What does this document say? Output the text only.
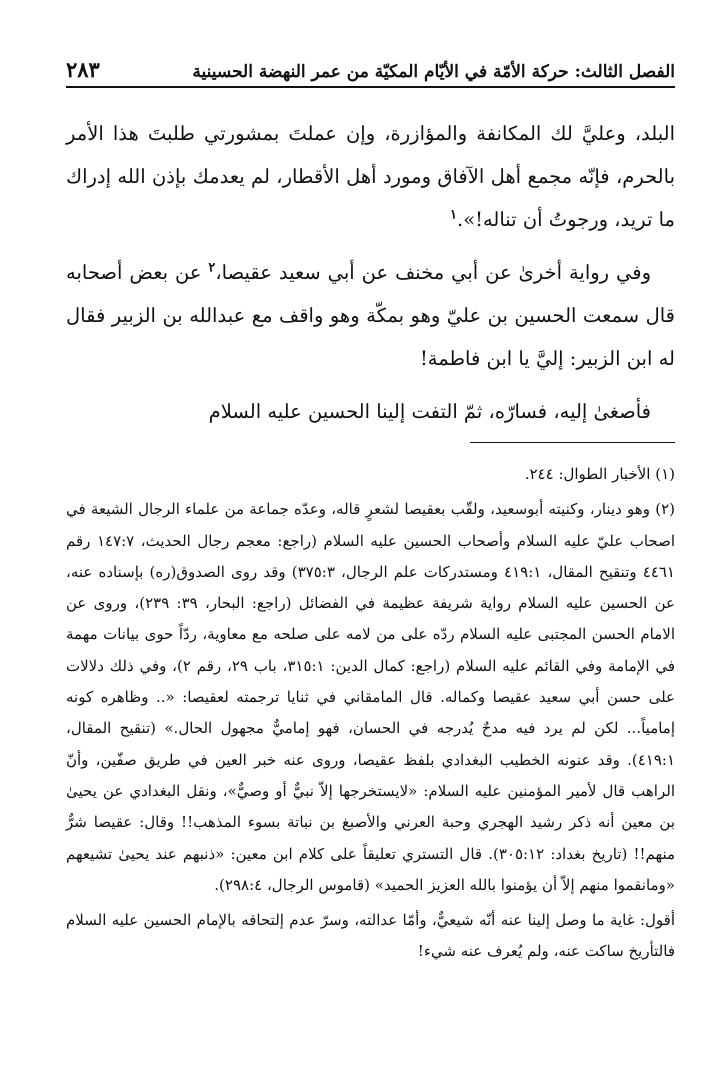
الفصل الثالث: حركة الأمّة في الأيّام المكيّة من عمر النهضة الحسينية
٢٨٣

البلد، وعليَّ لك المكانفة والمؤازرة، وإن عملتَ بمشورتي طلبتَ هذا الأمر بالحرم، فإنّه مجمع أهل الآفاق ومورد أهل الأقطار، لم يعدمك بإذن الله إدراك ما تريد، ورجوتُ أن تناله!».$^١$

وفي رواية أخرىٰ عن أبي مخنف عن أبي سعيد عقيصا،$^٢$ عن بعض أصحابه قال سمعت الحسين بن عليّ وهو بمكّة وهو واقف مع عبدالله بن الزبير فقال له ابن الزبير: إليَّ يا ابن فاطمة!

فأصغىٰ إليه، فسارّه، ثمّ التفت إلينا الحسين عليه السلام

(١) الأخبار الطوال: ٢٤٤.

(٢) وهو دينار، وكنيته أبوسعيد، ولقّب بعقيصا لشعرٍ قاله، وعدّه جماعة من علماء الرجال الشيعة في اصحاب عليّ عليه السلام وأصحاب الحسين عليه السلام (راجع: معجم رجال الحديث، ١٤٧:٧ رقم ٤٤٦١ وتنقيح المقال، ٤١٩:١ ومستدركات علم الرجال، ٣٧٥:٣) وقد روى الصدوق(ره) بإسناده عنه، عن الحسين عليه السلام رواية شريفة عظيمة في الفضائل (راجع: البحار، ٣٩: ٢٣٩)، وروى عن الامام الحسن المجتبى عليه السلام ردّه على من لامه على صلحه مع معاوية، ردّاً حوى بيانات مهمة في الإمامة وفي القائم عليه السلام (راجع: كمال الدين: ٣١٥:١، باب ٢٩، رقم ٢)، وفي ذلك دلالات على حسن أبي سعيد عقيصا وكماله. قال المامقاني في ثنايا ترجمته لعقيصا: «.. وظاهره كونه إمامياً... لكن لم يرد فيه مدحٌ يُدرجه في الحسان، فهو إماميٌّ مجهول الحال.» (تنقيح المقال، ٤١٩:١). وقد عنونه الخطيب البغدادي بلفظ عقيصا، وروى عنه خبر العين في طريق صفّين، وأنّ الراهب قال لأمير المؤمنين عليه السلام: «لايستخرجها إلاّ نبيٌّ أو وصيٌّ»، ونقل البغدادي عن يحيىٰ بن معين أنه ذكر رشيد الهجري وحبة العرني والأصبغ بن نباتة بسوء المذهب!! وقال: عقيصا شرٌّ منهم!! (تاريخ بغداد: ٣٠٥:١٢). قال التستري تعليقاً على كلام ابن معين: «ذنبهم عند يحيىٰ تشيعهم «ومانقموا منهم إلاّ أن يؤمنوا بالله العزيز الحميد» (قاموس الرجال، ٢٩٨:٤).

أقول: غاية ما وصل إلينا عنه أنّه شيعيٌّ، وأمّا عدالته، وسرّ عدم إلتحاقه بالإمام الحسين عليه السلام فالتأريخ ساكت عنه، ولم يُعرف عنه شيء!
